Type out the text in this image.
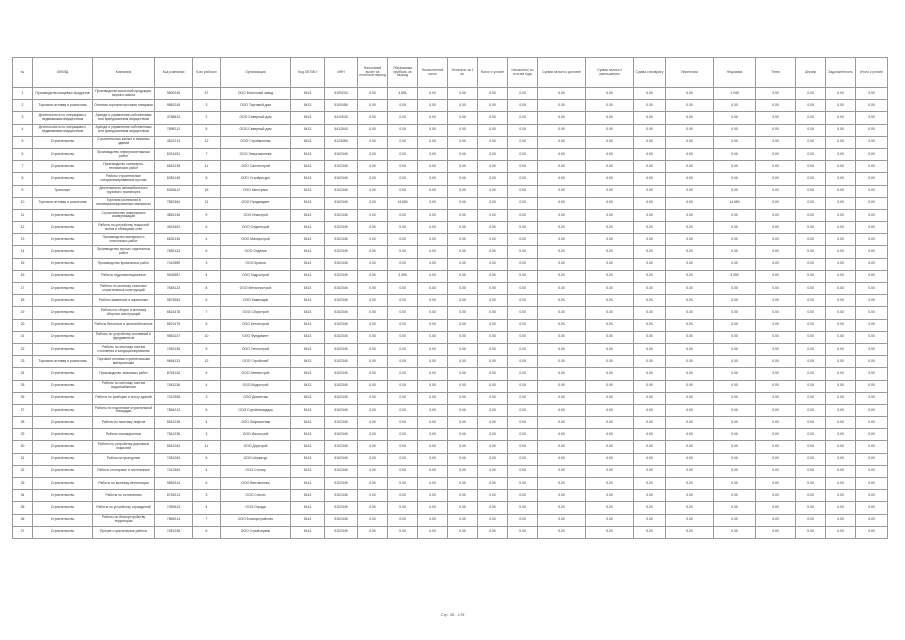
№	ОКВЭД	Компания	Код компании	К-во рабочих	Организация	Код ОКТМО	ИНН	Налоговый вычет за отчетный период	Облагаемая прибыль за период	Начисленный налог	Уплачено за 1 кв.	Налог к уплате	Начислено по итогам года	Сумма налога к доплате	Сумма налога к уменьшению	Сумма к возврату	Переплата	Недоимка	Пени	Штраф	Задолженность	Итого к уплате
1	Производство пищевых продуктов	Производство молочной продукции, сыров и масла	9800245	47	ООО Молочный завод	5413	5100234	0.00	4 651	0.00	0.00	0.00	0.00	0.00	0.00	0.00	0.00	1 045	0.00	0.00	0.00	0.00
2	Торговля оптовая и розничная	Оптовая торговля прочими товарами	9861245	3	ООО Торговый дом	5413	5100456	0.00	0.00	0.00	0.00	0.00	0.00	0.00	0.00	0.00	0.00	0.00	0.00	0.00	0.00	0.00
3	Деятельность по операциям с недвижимым имуществом	Аренда и управление собственным или арендованным имуществом	4758624	2	ООО Северный дом	5413	5412543	0.00	0.00	0.00	0.00	0.00	0.00	0.00	0.00	0.00	0.00	0.00	0.00	0.00	0.00	0.00
4	Деятельность по операциям с недвижимым имуществом	Аренда и управление собственным или арендованным имуществом	7895212	5	ООО Северный дом	5413	5412543	0.00	0.00	0.00	0.00	0.00	0.00	0.00	0.00	0.00	0.00	0.00	0.00	0.00	0.00	0.00
5	Строительство	Строительство жилых и нежилых зданий	4521213	12	ООО Строймонтаж	5413	5123456	0.00	0.00	0.00	0.00	0.00	0.00	0.00	0.00	0.00	0.00	0.00	0.00	0.00	0.00	0.00
6	Строительство	Производство электромонтажных работ	6321452	7	ООО Энергомонтаж	5413	5102345	0.00	0.00	0.00	0.00	0.00	0.00	0.00	0.00	0.00	0.00	0.00	0.00	0.00	0.00	0.00
7	Строительство	Производство санитарно-технических работ	6542135	11	ООО Сантехстрой	5413	5102345	0.00	0.00	0.00	0.00	0.00	0.00	0.00	0.00	0.00	0.00	0.00	0.00	0.00	0.00	0.00
8	Строительство	Работы строительные специализированные прочие	6352145	8	ООО Стройресурс	5413	5102345	0.00	0.00	0.00	0.00	0.00	0.00	0.00	0.00	0.00	0.00	0.00	0.00	0.00	0.00	0.00
9	Транспорт	Деятельность автомобильного грузового транспорта	6325412	16	ООО Автотранс	5413	5102345	0.00	0.00	0.00	0.00	0.00	0.00	0.00	0.00	0.00	0.00	0.00	0.00	0.00	0.00	0.00
10	Торговля оптовая и розничная	Торговля розничная в неспециализированных магазинах	7852364	21	ООО Продмаркет	5413	5102345	0.00	14 650	0.00	0.00	0.00	0.00	0.00	0.00	0.00	0.00	14 650	0.00	0.00	0.00	0.00
11	Строительство	Строительство инженерных коммуникаций	4852136	9	ООО Инжстрой	5413	5102345	0.00	0.00	0.00	0.00	0.00	0.00	0.00	0.00	0.00	0.00	0.00	0.00	0.00	0.00	0.00
12	Строительство	Работы по устройству покрытий полов и облицовке стен	4521452	6	ООО Отделстрой	5413	5102345	0.00	0.00	0.00	0.00	0.00	0.00	0.00	0.00	0.00	0.00	0.00	0.00	0.00	0.00	0.00
13	Строительство	Производство малярных и стекольных работ	6532145	4	ООО Малярстрой	5413	5102345	0.00	0.00	0.00	0.00	0.00	0.00	0.00	0.00	0.00	0.00	0.00	0.00	0.00	0.00	0.00
14	Строительство	Производство прочих отделочных работ	7854123	5	ООО Отделка	5413	5102345	0.00	0.00	0.00	0.00	0.00	0.00	0.00	0.00	0.00	0.00	0.00	0.00	0.00	0.00	0.00
15	Строительство	Производство кровельных работ	7412589	3	ООО Кровля	5413	5102345	0.00	0.00	0.00	0.00	0.00	0.00	0.00	0.00	0.00	0.00	0.00	0.00	0.00	0.00	0.00
16	Строительство	Работы гидроизоляционные	9632587	4	ООО Гидрострой	5413	5102345	0.00	3 250	0.00	0.00	0.00	0.00	0.00	0.00	0.00	0.00	3 250	0.00	0.00	0.00	0.00
17	Строительство	Работы по монтажу стальных строительных конструкций	7845123	8	ООО Металлострой	5413	5102345	0.00	0.00	0.00	0.00	0.00	0.00	0.00	0.00	0.00	0.00	0.00	0.00	0.00	0.00	0.00
18	Строительство	Работы каменные и кирпичные	9874563	6	ООО Каменщик	5413	5102345	0.00	0.00	0.00	0.00	0.00	0.00	0.00	0.00	0.00	0.00	0.00	0.00	0.00	0.00	0.00
19	Строительство	Работы по сборке и монтажу сборных конструкций	6521478	7	ООО Сборстрой	5413	5102345	0.00	0.00	0.00	0.00	0.00	0.00	0.00	0.00	0.00	0.00	0.00	0.00	0.00	0.00	0.00
20	Строительство	Работы бетонные и железобетонные	8521479	9	ООО Бетонстрой	5413	5102345	0.00	0.00	0.00	0.00	0.00	0.00	0.00	0.00	0.00	0.00	0.00	0.00	0.00	0.00	0.00
21	Строительство	Работы по устройству оснований и фундаментов	9852147	10	ООО Фундамент	5413	5102345	0.00	0.00	0.00	0.00	0.00	0.00	0.00	0.00	0.00	0.00	0.00	0.00	0.00	0.00	0.00
22	Строительство	Работы по монтажу систем отопления и кондиционирования	7452136	5	ООО Теплострой	5413	5102345	0.00	0.00	0.00	0.00	0.00	0.00	0.00	0.00	0.00	0.00	0.00	0.00	0.00	0.00	0.00
23	Торговля оптовая и розничная	Торговля оптовая строительными материалами	9654123	12	ООО Стройснаб	5413	5102345	0.00	0.00	0.00	0.00	0.00	0.00	0.00	0.00	0.00	0.00	0.00	0.00	0.00	0.00	0.00
24	Строительство	Производство земляных работ	8754126	6	ООО Землестрой	5413	5102345	0.00	0.00	0.00	0.00	0.00	0.00	0.00	0.00	0.00	0.00	0.00	0.00	0.00	0.00	0.00
25	Строительство	Работы по монтажу систем водоснабжения	7451236	4	ООО Водострой	5413	5102345	0.00	0.00	0.00	0.00	0.00	0.00	0.00	0.00	0.00	0.00	0.00	0.00	0.00	0.00	0.00
26	Строительство	Работы по разборке и сносу зданий	7412356	3	ООО Демонтаж	5413	5102345	0.00	0.00	0.00	0.00	0.00	0.00	0.00	0.00	0.00	0.00	0.00	0.00	0.00	0.00	0.00
27	Строительство	Работы по подготовке строительной площадки	7854213	5	ООО Стройплощадка	5413	5102345	0.00	0.00	0.00	0.00	0.00	0.00	0.00	0.00	0.00	0.00	0.00	0.00	0.00	0.00	0.00
28	Строительство	Работы по монтажу лифтов	8541236	4	ООО Лифтмонтаж	5413	5102345	0.00	0.00	0.00	0.00	0.00	0.00	0.00	0.00	0.00	0.00	0.00	0.00	0.00	0.00	0.00
29	Строительство	Работы изоляционные	7541236	3	ООО Изолстрой	5413	5102345	0.00	0.00	0.00	0.00	0.00	0.00	0.00	0.00	0.00	0.00	0.00	0.00	0.00	0.00	0.00
30	Строительство	Работы по устройству дорожных покрытий	8541263	11	ООО Дорстрой	5413	5102345	0.00	0.00	0.00	0.00	0.00	0.00	0.00	0.00	0.00	0.00	0.00	0.00	0.00	0.00	0.00
31	Строительство	Работы штукатурные	7451263	5	ООО Штукатур	5413	5102345	0.00	0.00	0.00	0.00	0.00	0.00	0.00	0.00	0.00	0.00	0.00	0.00	0.00	0.00	0.00
32	Строительство	Работы столярные и плотничные	7412563	4	ООО Столяр	5413	5102345	0.00	0.00	0.00	0.00	0.00	0.00	0.00	0.00	0.00	0.00	0.00	0.00	0.00	0.00	0.00
33	Строительство	Работы по монтажу вентиляции	9652314	6	ООО Вентмонтаж	5413	5102345	0.00	0.00	0.00	0.00	0.00	0.00	0.00	0.00	0.00	0.00	0.00	0.00	0.00	0.00	0.00
34	Строительство	Работы по остеклению	8745213	3	ООО Стекло	5413	5102345	0.00	0.00	0.00	0.00	0.00	0.00	0.00	0.00	0.00	0.00	0.00	0.00	0.00	0.00	0.00
35	Строительство	Работы по устройству ограждений	7452613	4	ООО Ограда	5413	5102345	0.00	0.00	0.00	0.00	0.00	0.00	0.00	0.00	0.00	0.00	0.00	0.00	0.00	0.00	0.00
36	Строительство	Работы по благоустройству территории	7856213	7	ООО Благоустройство	5413	5102345	0.00	0.00	0.00	0.00	0.00	0.00	0.00	0.00	0.00	0.00	0.00	0.00	0.00	0.00	0.00
37	Строительство	Прочие строительные работы	7451236	5	ООО Стройсервис	5413	5102345	0.00	0.00	0.00	0.00	0.00	0.00	0.00	0.00	0.00	0.00	0.00	0.00	0.00	0.00	0.00
Стр. 38 - 178
